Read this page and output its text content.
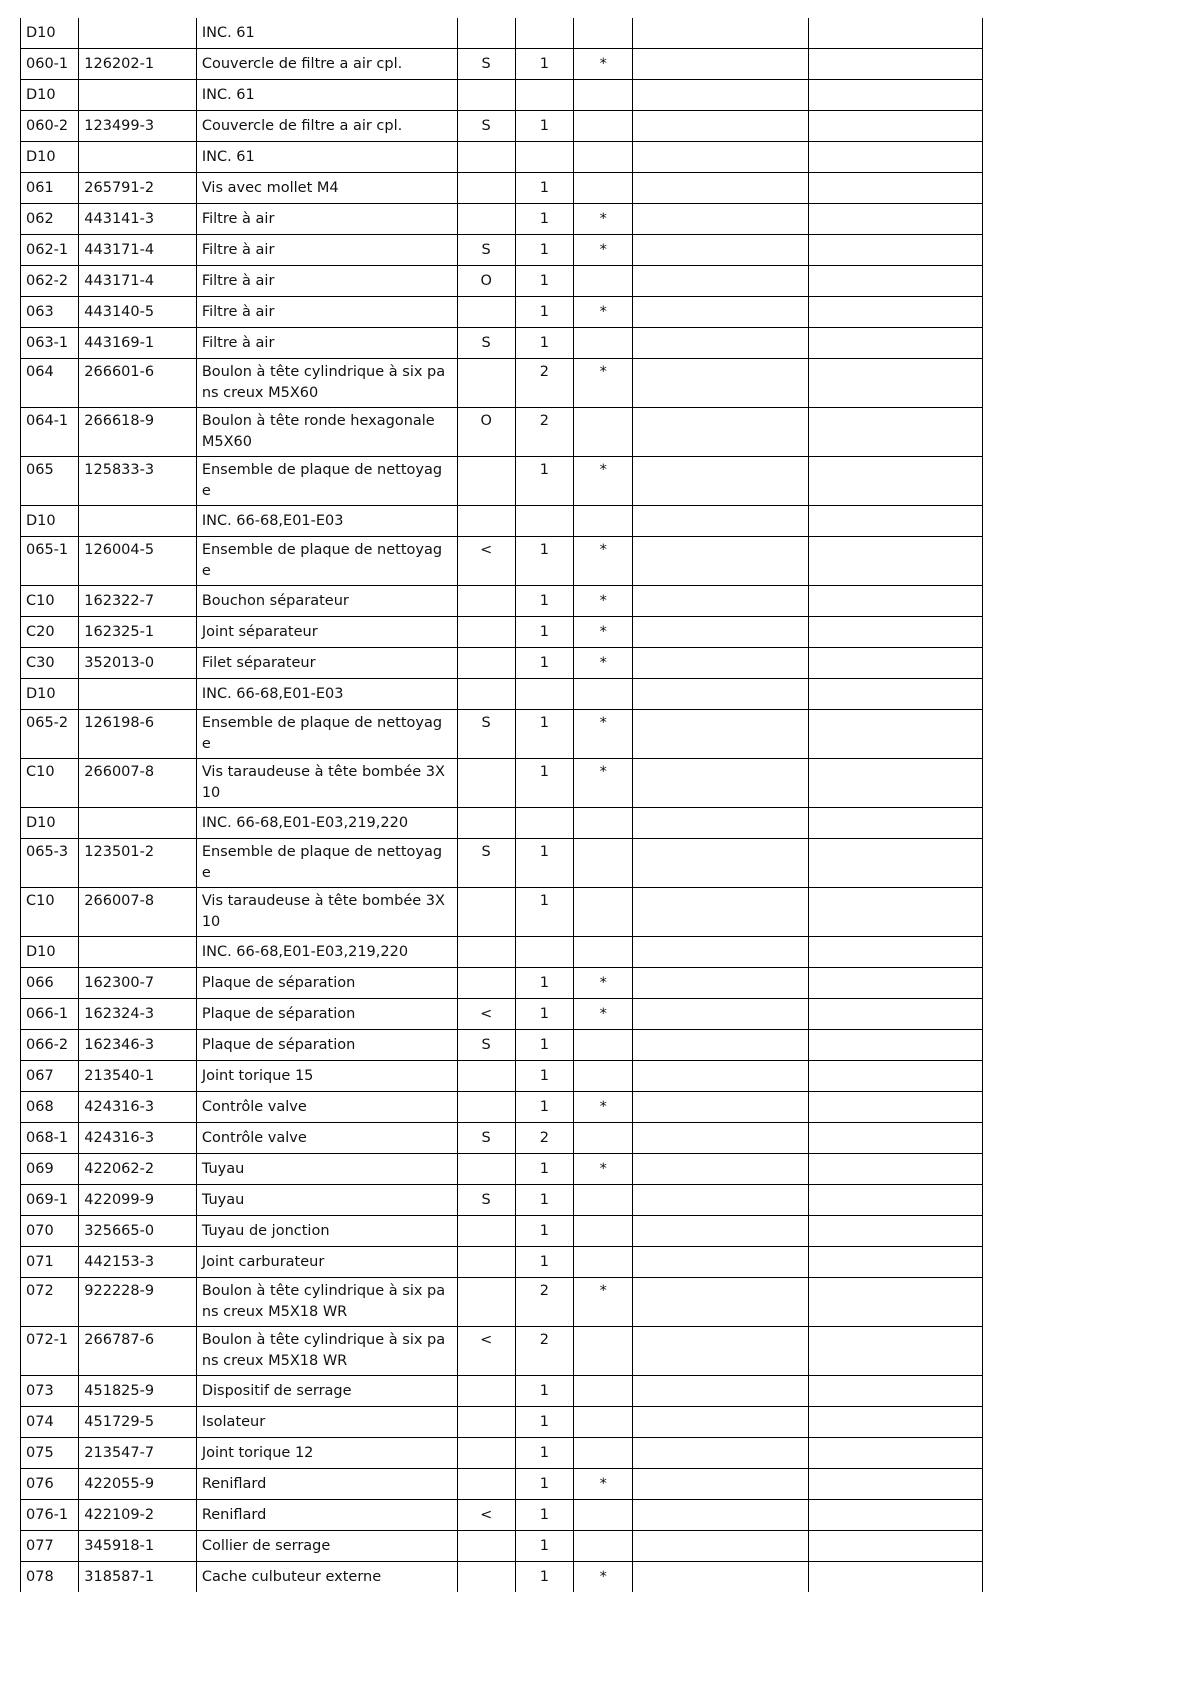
D10		INC. 61					
060-1	126202-1	Couvercle de filtre a air cpl.	S	1	*		
D10		INC. 61					
060-2	123499-3	Couvercle de filtre a air cpl.	S	1			
D10		INC. 61					
061	265791-2	Vis avec mollet M4		1			
062	443141-3	Filtre à air		1	*		
062-1	443171-4	Filtre à air	S	1	*		
062-2	443171-4	Filtre à air	O	1			
063	443140-5	Filtre à air		1	*		
063-1	443169-1	Filtre à air	S	1			
064	266601-6	Boulon à tête cylindrique à six pa
ns creux M5X60		2	*		
064-1	266618-9	Boulon à tête ronde hexagonale
M5X60	O	2			
065	125833-3	Ensemble de plaque de nettoyag
e		1	*		
D10		INC. 66-68,E01-E03					
065-1	126004-5	Ensemble de plaque de nettoyag
e	<	1	*		
C10	162322-7	Bouchon séparateur		1	*		
C20	162325-1	Joint séparateur		1	*		
C30	352013-0	Filet séparateur		1	*		
D10		INC. 66-68,E01-E03					
065-2	126198-6	Ensemble de plaque de nettoyag
e	S	1	*		
C10	266007-8	Vis taraudeuse à tête bombée 3X
10		1	*		
D10		INC. 66-68,E01-E03,219,220					
065-3	123501-2	Ensemble de plaque de nettoyag
e	S	1			
C10	266007-8	Vis taraudeuse à tête bombée 3X
10		1			
D10		INC. 66-68,E01-E03,219,220					
066	162300-7	Plaque de séparation		1	*		
066-1	162324-3	Plaque de séparation	<	1	*		
066-2	162346-3	Plaque de séparation	S	1			
067	213540-1	Joint torique 15		1			
068	424316-3	Contrôle valve		1	*		
068-1	424316-3	Contrôle valve	S	2			
069	422062-2	Tuyau		1	*		
069-1	422099-9	Tuyau	S	1			
070	325665-0	Tuyau de jonction		1			
071	442153-3	Joint carburateur		1			
072	922228-9	Boulon à tête cylindrique à six pa
ns creux M5X18 WR		2	*		
072-1	266787-6	Boulon à tête cylindrique à six pa
ns creux M5X18 WR	<	2			
073	451825-9	Dispositif de serrage		1			
074	451729-5	Isolateur		1			
075	213547-7	Joint torique 12		1			
076	422055-9	Reniflard		1	*		
076-1	422109-2	Reniflard	<	1			
077	345918-1	Collier de serrage		1			
078	318587-1	Cache culbuteur externe		1	*		
